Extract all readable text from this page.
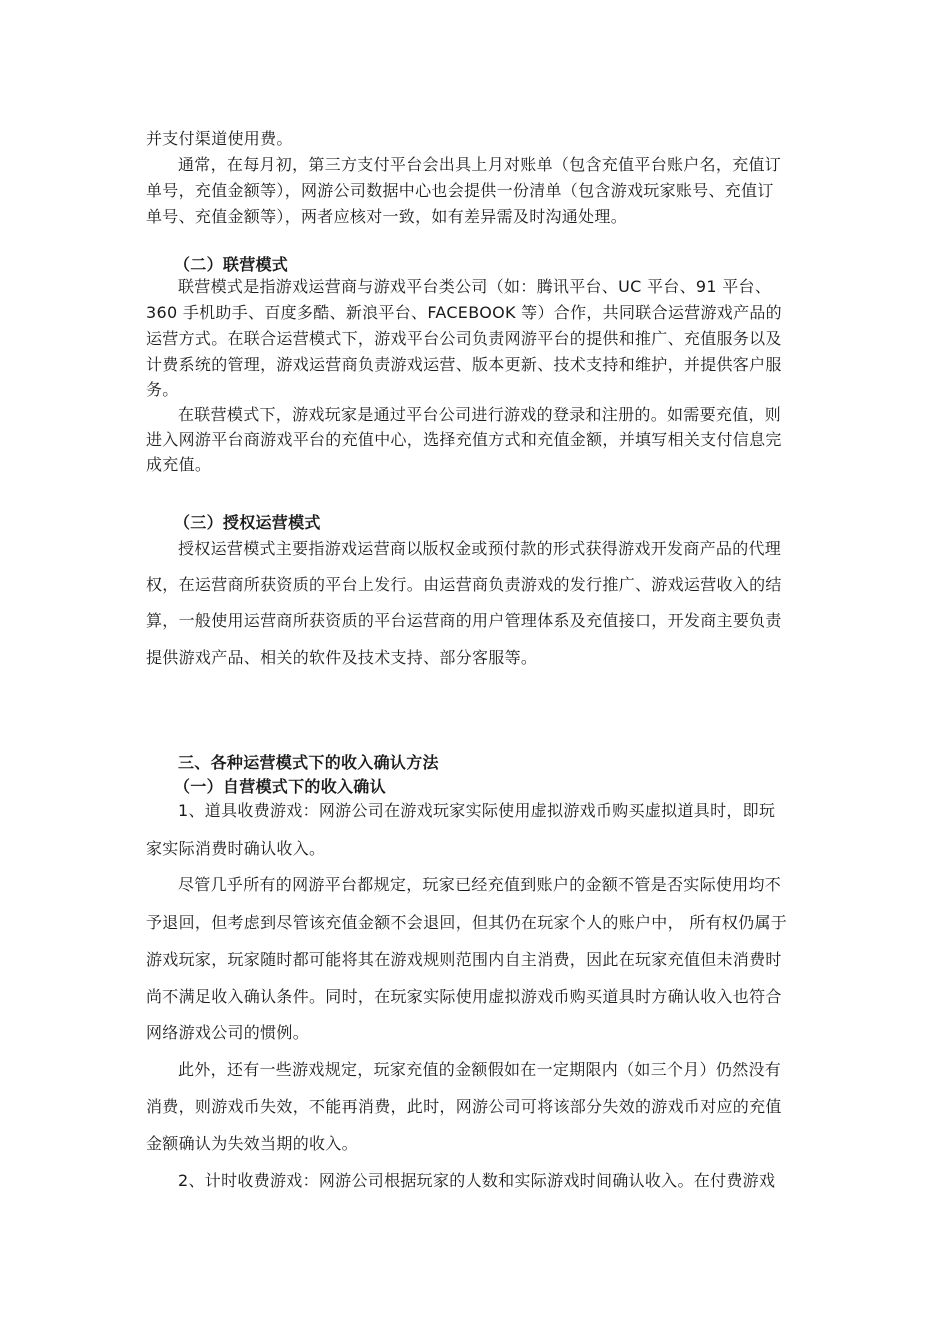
并支付渠道使用费。
通常，在每月初，第三方支付平台会出具上月对账单（包含充值平台账户名，充值订
单号，充值金额等），网游公司数据中心也会提供一份清单（包含游戏玩家账号、充值订
单号、充值金额等），两者应核对一致，如有差异需及时沟通处理。
（二）联营模式
联营模式是指游戏运营商与游戏平台类公司（如：腾讯平台、UC 平台、91 平台、
360 手机助手、百度多酷、新浪平台、FACEBOOK 等）合作，共同联合运营游戏产品的
运营方式。在联合运营模式下，游戏平台公司负责网游平台的提供和推广、充值服务以及
计费系统的管理，游戏运营商负责游戏运营、版本更新、技术支持和维护，并提供客户服
务。
在联营模式下，游戏玩家是通过平台公司进行游戏的登录和注册的。如需要充值，则
进入网游平台商游戏平台的充值中心，选择充值方式和充值金额，并填写相关支付信息完
成充值。
（三）授权运营模式
授权运营模式主要指游戏运营商以版权金或预付款的形式获得游戏开发商产品的代理
权，在运营商所获资质的平台上发行。由运营商负责游戏的发行推广、游戏运营收入的结
算，一般使用运营商所获资质的平台运营商的用户管理体系及充值接口，开发商主要负责
提供游戏产品、相关的软件及技术支持、部分客服等。
三、各种运营模式下的收入确认方法
（一）自营模式下的收入确认
1、道具收费游戏：网游公司在游戏玩家实际使用虚拟游戏币购买虚拟道具时，即玩
家实际消费时确认收入。
尽管几乎所有的网游平台都规定，玩家已经充值到账户的金额不管是否实际使用均不
予退回，但考虑到尽管该充值金额不会退回，但其仍在玩家个人的账户中， 所有权仍属于
游戏玩家，玩家随时都可能将其在游戏规则范围内自主消费，因此在玩家充值但未消费时
尚不满足收入确认条件。同时，在玩家实际使用虚拟游戏币购买道具时方确认收入也符合
网络游戏公司的惯例。
此外，还有一些游戏规定，玩家充值的金额假如在一定期限内（如三个月）仍然没有
消费，则游戏币失效，不能再消费，此时，网游公司可将该部分失效的游戏币对应的充值
金额确认为失效当期的收入。
2、计时收费游戏：网游公司根据玩家的人数和实际游戏时间确认收入。在付费游戏
